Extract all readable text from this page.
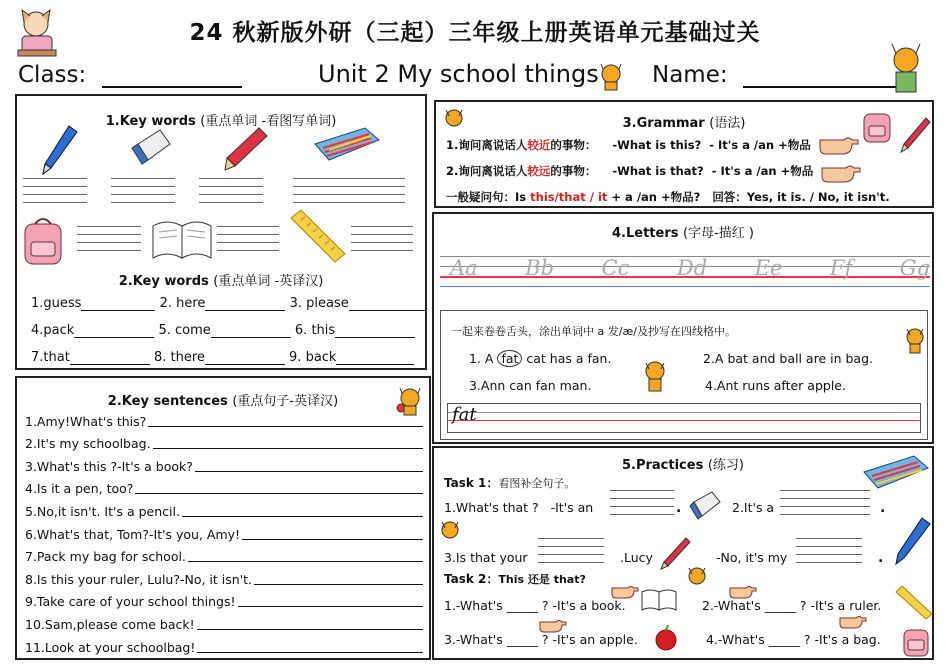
24 秋新版外研（三起）三年级上册英语单元基础过关
Class:	Unit 2 My school things Name:
1.Key words (重点单词 -看图写单词)
2.Key words (重点单词 -英译汉)
1.guess	2. here	3. please
4.pack	5. come	6. this
7.that	8. there	9. back
2.Key sentences (重点句子-英译汉)
1.Amy!What's this?
2.It's my schoolbag.
3.What's this ?-It's a book?
4.Is it a pen, too?
5.No,it isn't. It's a pencil.
6.What's that, Tom?-It's you, Amy!
7.Pack my bag for school.
8.Is this your ruler, Lulu?-No, it isn't.
9.Take care of your school things!
10.Sam,please come back!
11.Look at your schoolbag!
3.Grammar (语法)
1.询问离说话人较近的事物： -What is this? - It's a /an +物品
2.询问离说话人较远的事物： -What is that? - It's a /an +物品
一般疑问句：Is this/that / it + a /an +物品? 回答：Yes, it is. / No, it isn't.
4.Letters (字母-描红 )
Aa Bb Cc Dd Ee Ff Gg
一起来卷卷舌头，涂出单词中 a 发/æ/及抄写在四线格中。
1. A fat cat has a fan.	2.A bat and ball are in bag.
3.Ann can fan man.	4.Ant runs after apple.
fat
5.Practices (练习)
Task 1：看图补全句子。
1.What's that ? -It's an	.	2.It's a	.
3.Is that your	.Lucy	-No, it's my	.
Task 2：This 还是 that?
1.-What's _____ ? -It's a book.	2.-What's _____ ? -It's a ruler.
3.-What's _____ ? -It's an apple.	4.-What's _____ ? -It's a bag.
